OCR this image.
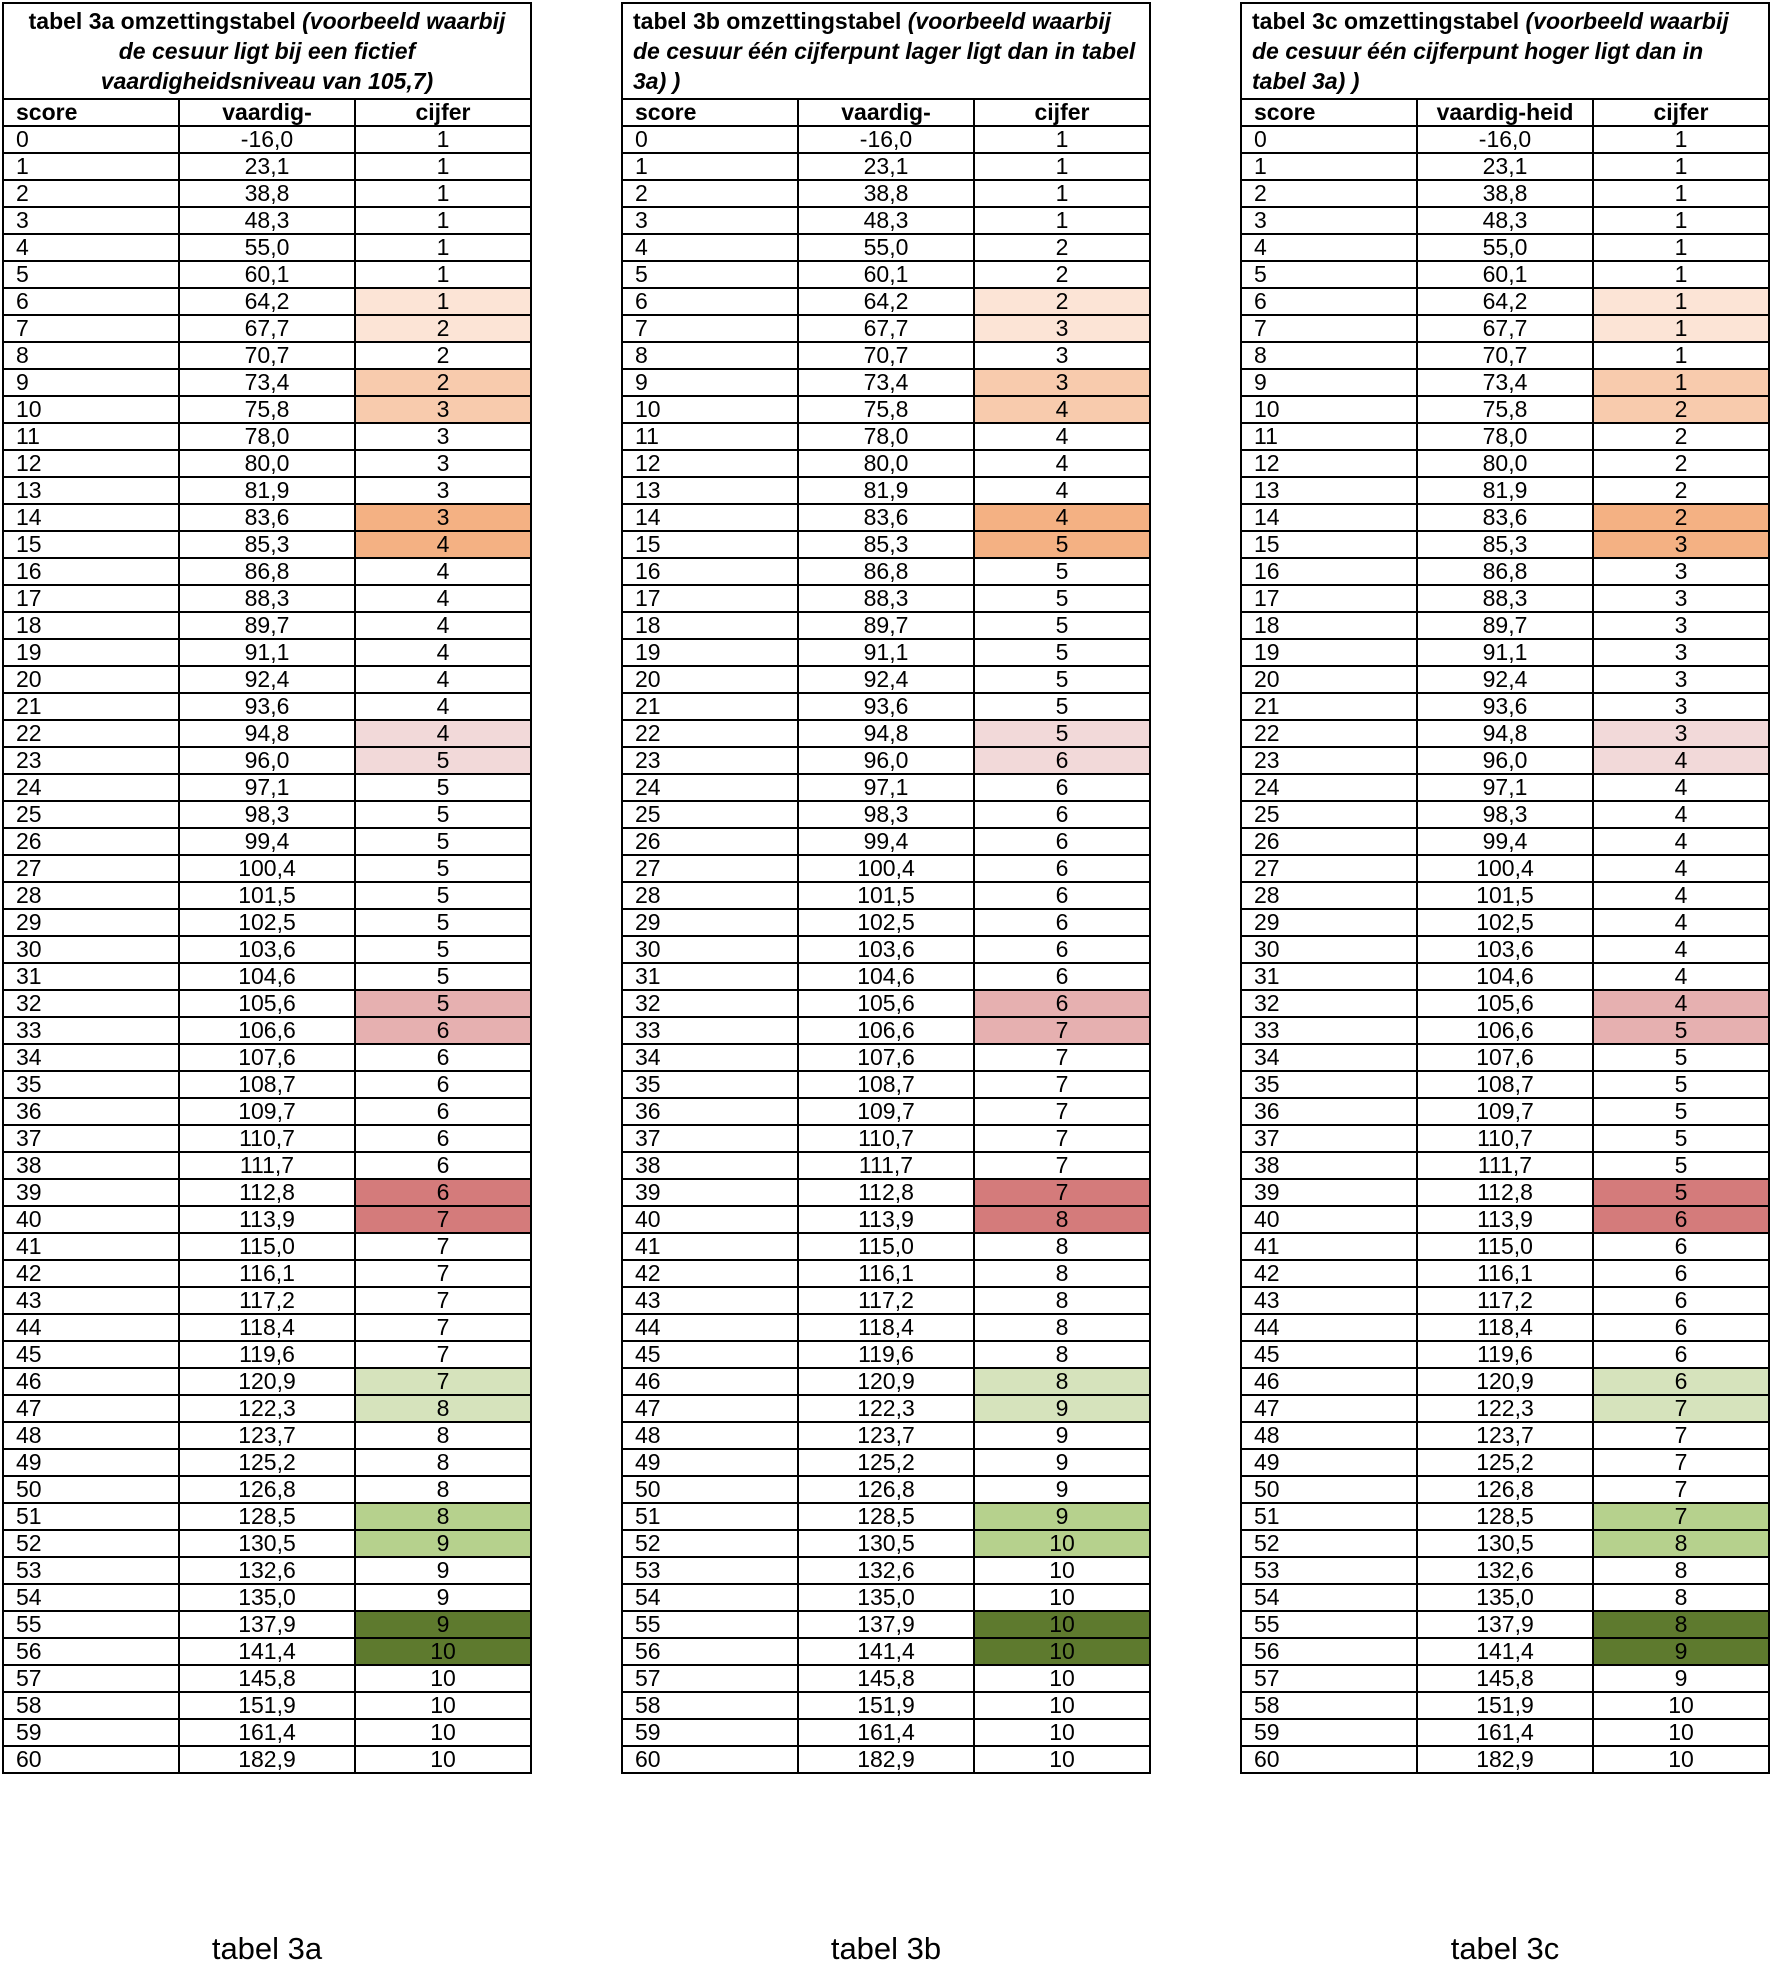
tabel 3a omzettingstabel (voorbeeld waarbij de cesuur ligt bij een fictief vaardigheidsniveau van 105,7)		
score	vaardig-	cijfer
0	-16,0	1
1	23,1	1
2	38,8	1
3	48,3	1
4	55,0	1
5	60,1	1
6	64,2	1
7	67,7	2
8	70,7	2
9	73,4	2
10	75,8	3
11	78,0	3
12	80,0	3
13	81,9	3
14	83,6	3
15	85,3	4
16	86,8	4
17	88,3	4
18	89,7	4
19	91,1	4
20	92,4	4
21	93,6	4
22	94,8	4
23	96,0	5
24	97,1	5
25	98,3	5
26	99,4	5
27	100,4	5
28	101,5	5
29	102,5	5
30	103,6	5
31	104,6	5
32	105,6	5
33	106,6	6
34	107,6	6
35	108,7	6
36	109,7	6
37	110,7	6
38	111,7	6
39	112,8	6
40	113,9	7
41	115,0	7
42	116,1	7
43	117,2	7
44	118,4	7
45	119,6	7
46	120,9	7
47	122,3	8
48	123,7	8
49	125,2	8
50	126,8	8
51	128,5	8
52	130,5	9
53	132,6	9
54	135,0	9
55	137,9	9
56	141,4	10
57	145,8	10
58	151,9	10
59	161,4	10
60	182,9	10
tabel 3a
tabel 3b omzettingstabel (voorbeeld waarbij de cesuur één cijferpunt lager ligt dan in tabel 3a) )		
score	vaardig-	cijfer
0	-16,0	1
1	23,1	1
2	38,8	1
3	48,3	1
4	55,0	2
5	60,1	2
6	64,2	2
7	67,7	3
8	70,7	3
9	73,4	3
10	75,8	4
11	78,0	4
12	80,0	4
13	81,9	4
14	83,6	4
15	85,3	5
16	86,8	5
17	88,3	5
18	89,7	5
19	91,1	5
20	92,4	5
21	93,6	5
22	94,8	5
23	96,0	6
24	97,1	6
25	98,3	6
26	99,4	6
27	100,4	6
28	101,5	6
29	102,5	6
30	103,6	6
31	104,6	6
32	105,6	6
33	106,6	7
34	107,6	7
35	108,7	7
36	109,7	7
37	110,7	7
38	111,7	7
39	112,8	7
40	113,9	8
41	115,0	8
42	116,1	8
43	117,2	8
44	118,4	8
45	119,6	8
46	120,9	8
47	122,3	9
48	123,7	9
49	125,2	9
50	126,8	9
51	128,5	9
52	130,5	10
53	132,6	10
54	135,0	10
55	137,9	10
56	141,4	10
57	145,8	10
58	151,9	10
59	161,4	10
60	182,9	10
tabel 3b
tabel 3c omzettingstabel (voorbeeld waarbij de cesuur één cijferpunt hoger ligt dan in tabel 3a) )		
score	vaardig-heid	cijfer
0	-16,0	1
1	23,1	1
2	38,8	1
3	48,3	1
4	55,0	1
5	60,1	1
6	64,2	1
7	67,7	1
8	70,7	1
9	73,4	1
10	75,8	2
11	78,0	2
12	80,0	2
13	81,9	2
14	83,6	2
15	85,3	3
16	86,8	3
17	88,3	3
18	89,7	3
19	91,1	3
20	92,4	3
21	93,6	3
22	94,8	3
23	96,0	4
24	97,1	4
25	98,3	4
26	99,4	4
27	100,4	4
28	101,5	4
29	102,5	4
30	103,6	4
31	104,6	4
32	105,6	4
33	106,6	5
34	107,6	5
35	108,7	5
36	109,7	5
37	110,7	5
38	111,7	5
39	112,8	5
40	113,9	6
41	115,0	6
42	116,1	6
43	117,2	6
44	118,4	6
45	119,6	6
46	120,9	6
47	122,3	7
48	123,7	7
49	125,2	7
50	126,8	7
51	128,5	7
52	130,5	8
53	132,6	8
54	135,0	8
55	137,9	8
56	141,4	9
57	145,8	9
58	151,9	10
59	161,4	10
60	182,9	10
tabel 3c
